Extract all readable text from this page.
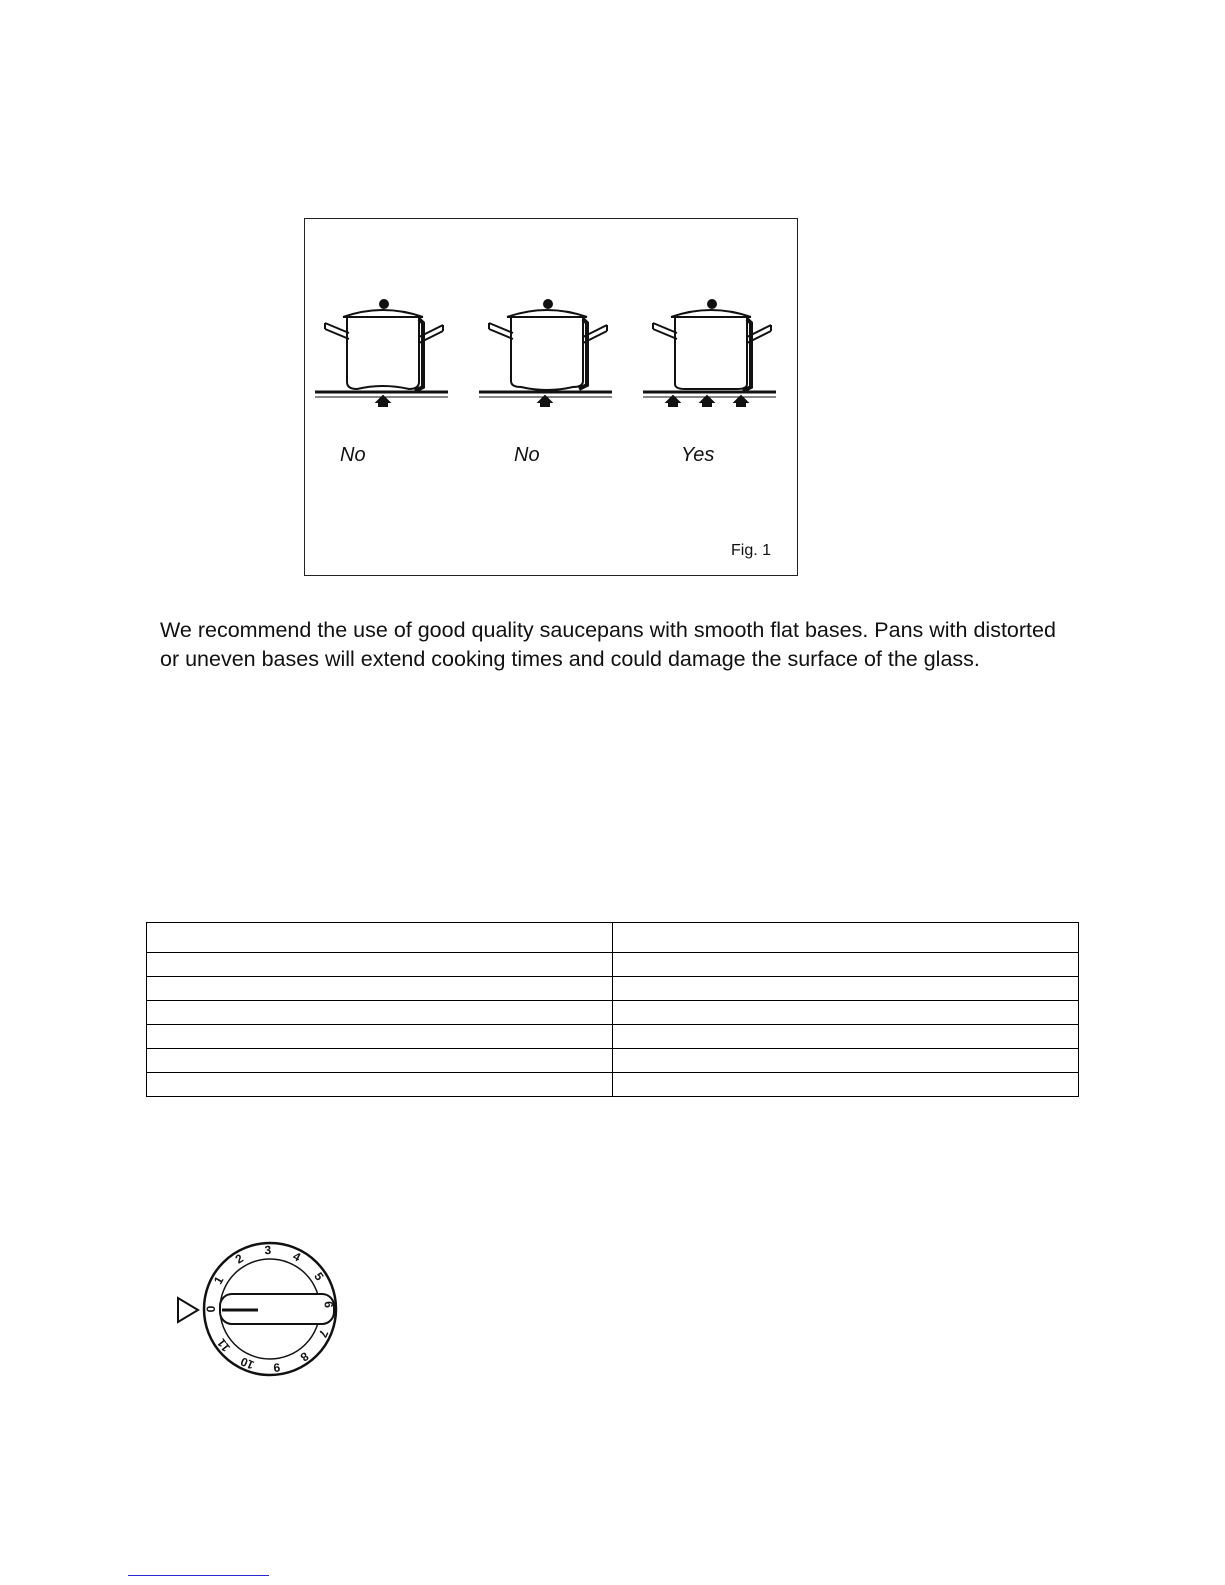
No	No	Yes
Fig. 1

We recommend the use of good quality saucepans with smooth flat bases. Pans with distorted or uneven bases will extend cooking times and could damage the surface of the glass.

0
1
2
3 4
5
6
7
8
9
10
11
